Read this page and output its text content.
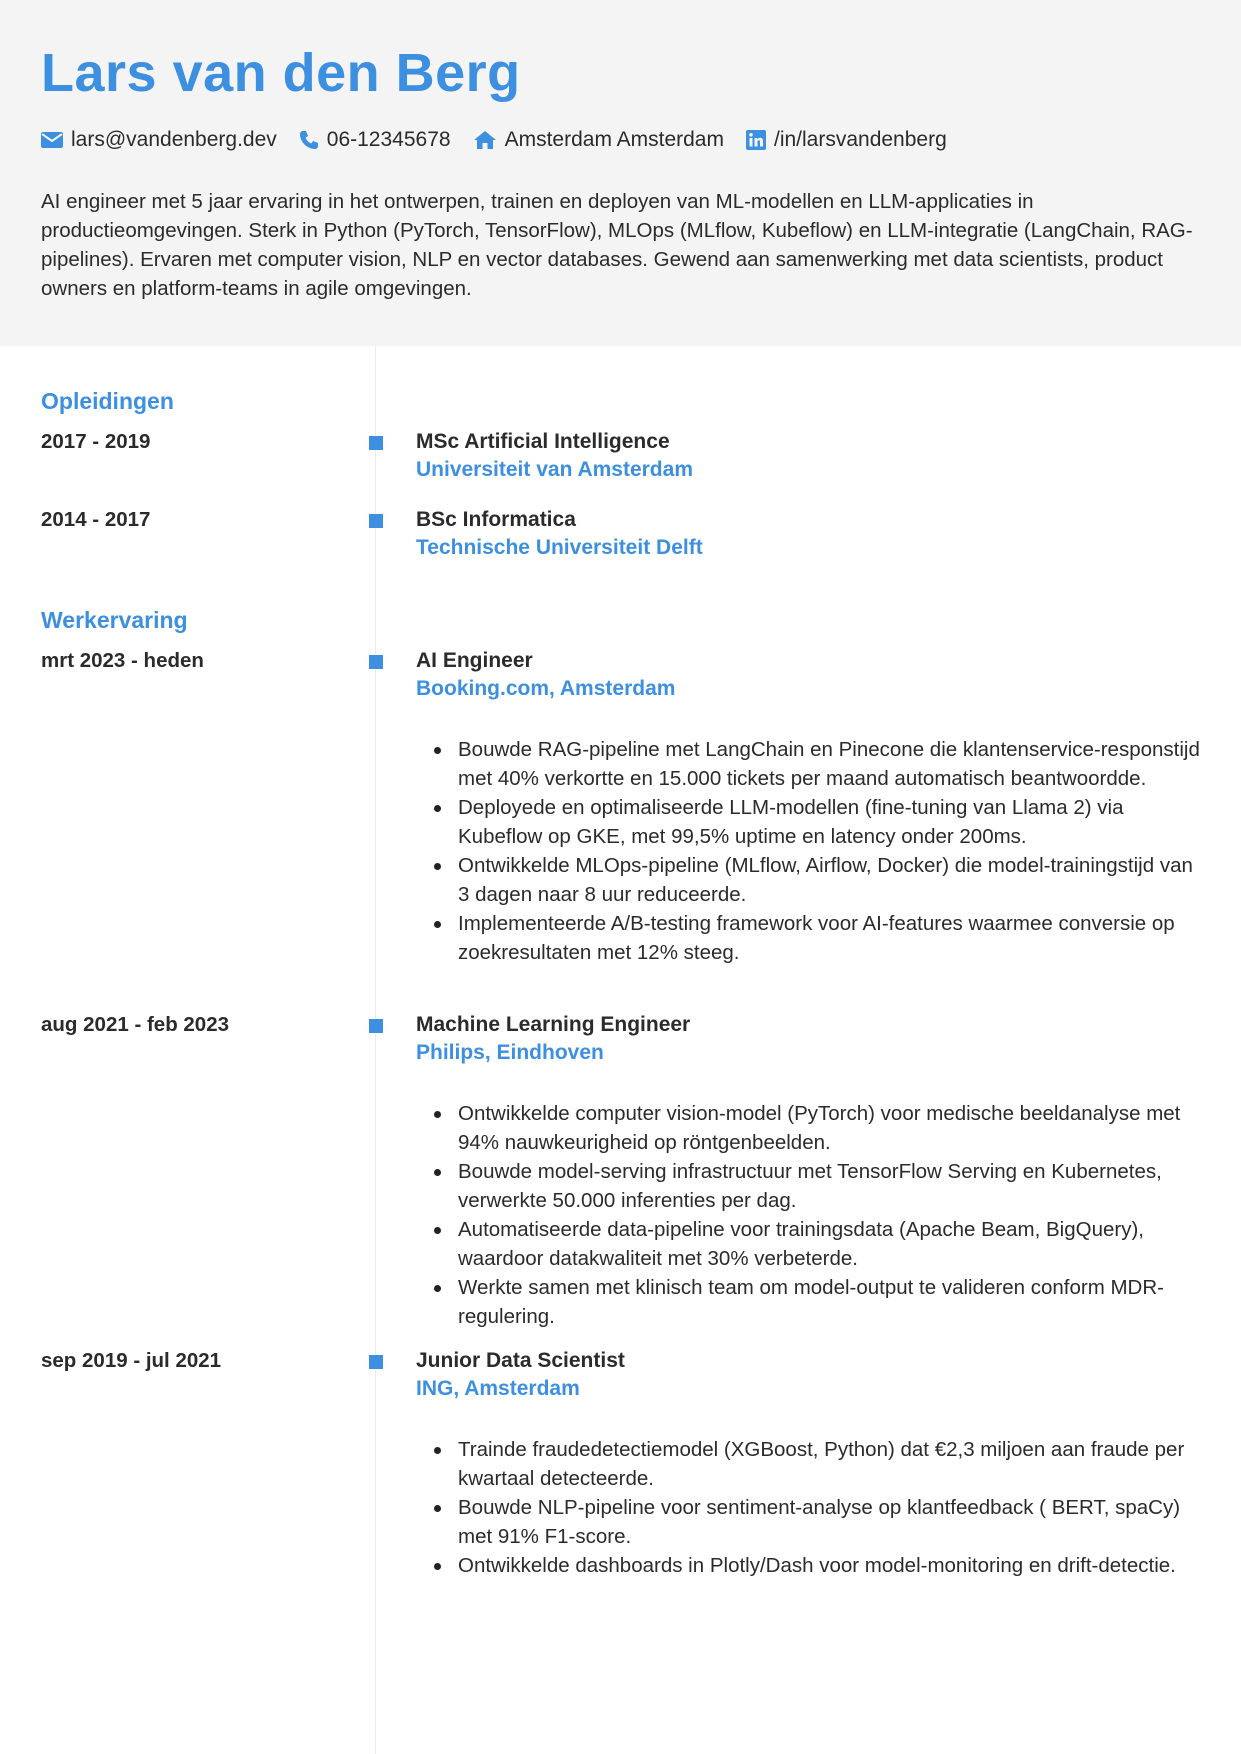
Lars van den Berg
lars@vandenberg.dev 06-12345678	Amsterdam Amsterdam /in/larsvandenberg
AI engineer met 5 jaar ervaring in het ontwerpen, trainen en deployen van ML-modellen en LLM-applicaties in productieomgevingen. Sterk in Python (PyTorch, TensorFlow), MLOps (MLflow, Kubeflow) en LLM-integratie (LangChain, RAG-pipelines). Ervaren met computer vision, NLP en vector databases. Gewend aan samenwerking met data scientists, product owners en platform-teams in agile omgevingen.
Opleidingen
2017 - 2019	MSc Artificial Intelligence
Universiteit van Amsterdam
2014 - 2017	BSc Informatica
Technische Universiteit Delft
Werkervaring
mrt 2023 - heden	AI Engineer
Booking.com, Amsterdam
Bouwde RAG-pipeline met LangChain en Pinecone die klantenservice-responstijd met 40% verkortte en 15.000 tickets per maand automatisch beantwoordde.
Deployede en optimaliseerde LLM-modellen (fine-tuning van Llama 2) via Kubeflow op GKE, met 99,5% uptime en latency onder 200ms.
Ontwikkelde MLOps-pipeline (MLflow, Airflow, Docker) die model-trainingstijd van 3 dagen naar 8 uur reduceerde.
Implementeerde A/B-testing framework voor AI-features waarmee conversie op zoekresultaten met 12% steeg.
aug 2021 - feb 2023	Machine Learning Engineer
Philips, Eindhoven
Ontwikkelde computer vision-model (PyTorch) voor medische beeldanalyse met 94% nauwkeurigheid op röntgenbeelden.
Bouwde model-serving infrastructuur met TensorFlow Serving en Kubernetes, verwerkte 50.000 inferenties per dag.
Automatiseerde data-pipeline voor trainingsdata (Apache Beam, BigQuery), waardoor datakwaliteit met 30% verbeterde.
Werkte samen met klinisch team om model-output te valideren conform MDR-regulering.
sep 2019 - jul 2021	Junior Data Scientist
ING, Amsterdam
Trainde fraudedetectiemodel (XGBoost, Python) dat €2,3 miljoen aan fraude per kwartaal detecteerde.
Bouwde NLP-pipeline voor sentiment-analyse op klantfeedback ( BERT, spaCy) met 91% F1-score.
Ontwikkelde dashboards in Plotly/Dash voor model-monitoring en drift-detectie.
